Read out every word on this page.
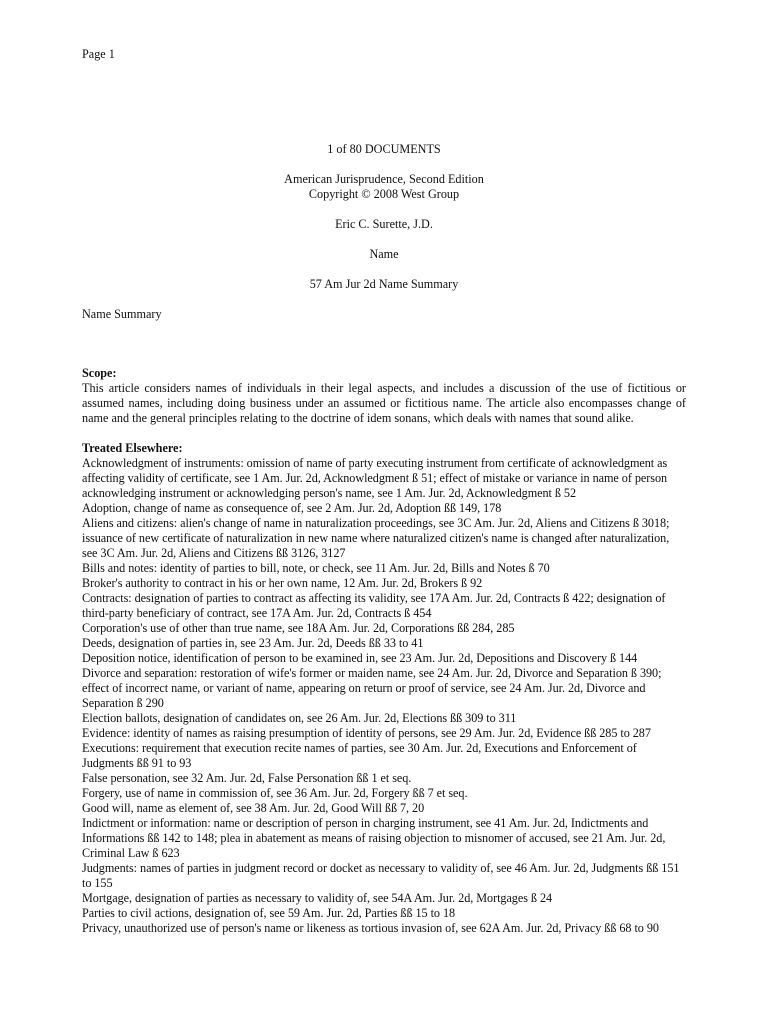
Page 1
1 of 80 DOCUMENTS
American Jurisprudence, Second Edition
Copyright © 2008 West Group
Eric C. Surette, J.D.
Name
57 Am Jur 2d Name Summary
Name Summary
Scope:
This article considers names of individuals in their legal aspects, and includes a discussion of the use of fictitious or assumed names, including doing business under an assumed or fictitious name. The article also encompasses change of name and the general principles relating to the doctrine of idem sonans, which deals with names that sound alike.
Treated Elsewhere:
Acknowledgment of instruments: omission of name of party executing instrument from certificate of acknowledgment as affecting validity of certificate, see 1 Am. Jur. 2d, Acknowledgment ß 51; effect of mistake or variance in name of person acknowledging instrument or acknowledging person's name, see 1 Am. Jur. 2d, Acknowledgment ß 52
Adoption, change of name as consequence of, see 2 Am. Jur. 2d, Adoption ßß 149, 178
Aliens and citizens: alien's change of name in naturalization proceedings, see 3C Am. Jur. 2d, Aliens and Citizens ß 3018; issuance of new certificate of naturalization in new name where naturalized citizen's name is changed after naturalization, see 3C Am. Jur. 2d, Aliens and Citizens ßß 3126, 3127
Bills and notes: identity of parties to bill, note, or check, see 11 Am. Jur. 2d, Bills and Notes ß 70
Broker's authority to contract in his or her own name, 12 Am. Jur. 2d, Brokers ß 92
Contracts: designation of parties to contract as affecting its validity, see 17A Am. Jur. 2d, Contracts ß 422; designation of third-party beneficiary of contract, see 17A Am. Jur. 2d, Contracts ß 454
Corporation's use of other than true name, see 18A Am. Jur. 2d, Corporations ßß 284, 285
Deeds, designation of parties in, see 23 Am. Jur. 2d, Deeds ßß 33 to 41
Deposition notice, identification of person to be examined in, see 23 Am. Jur. 2d, Depositions and Discovery ß 144
Divorce and separation: restoration of wife's former or maiden name, see 24 Am. Jur. 2d, Divorce and Separation ß 390; effect of incorrect name, or variant of name, appearing on return or proof of service, see 24 Am. Jur. 2d, Divorce and Separation ß 290
Election ballots, designation of candidates on, see 26 Am. Jur. 2d, Elections ßß 309 to 311
Evidence: identity of names as raising presumption of identity of persons, see 29 Am. Jur. 2d, Evidence ßß 285 to 287
Executions: requirement that execution recite names of parties, see 30 Am. Jur. 2d, Executions and Enforcement of Judgments ßß 91 to 93
False personation, see 32 Am. Jur. 2d, False Personation ßß 1 et seq.
Forgery, use of name in commission of, see 36 Am. Jur. 2d, Forgery ßß 7 et seq.
Good will, name as element of, see 38 Am. Jur. 2d, Good Will ßß 7, 20
Indictment or information: name or description of person in charging instrument, see 41 Am. Jur. 2d, Indictments and Informations ßß 142 to 148; plea in abatement as means of raising objection to misnomer of accused, see 21 Am. Jur. 2d, Criminal Law ß 623
Judgments: names of parties in judgment record or docket as necessary to validity of, see 46 Am. Jur. 2d, Judgments ßß 151 to 155
Mortgage, designation of parties as necessary to validity of, see 54A Am. Jur. 2d, Mortgages ß 24
Parties to civil actions, designation of, see 59 Am. Jur. 2d, Parties ßß 15 to 18
Privacy, unauthorized use of person's name or likeness as tortious invasion of, see 62A Am. Jur. 2d, Privacy ßß 68 to 90
